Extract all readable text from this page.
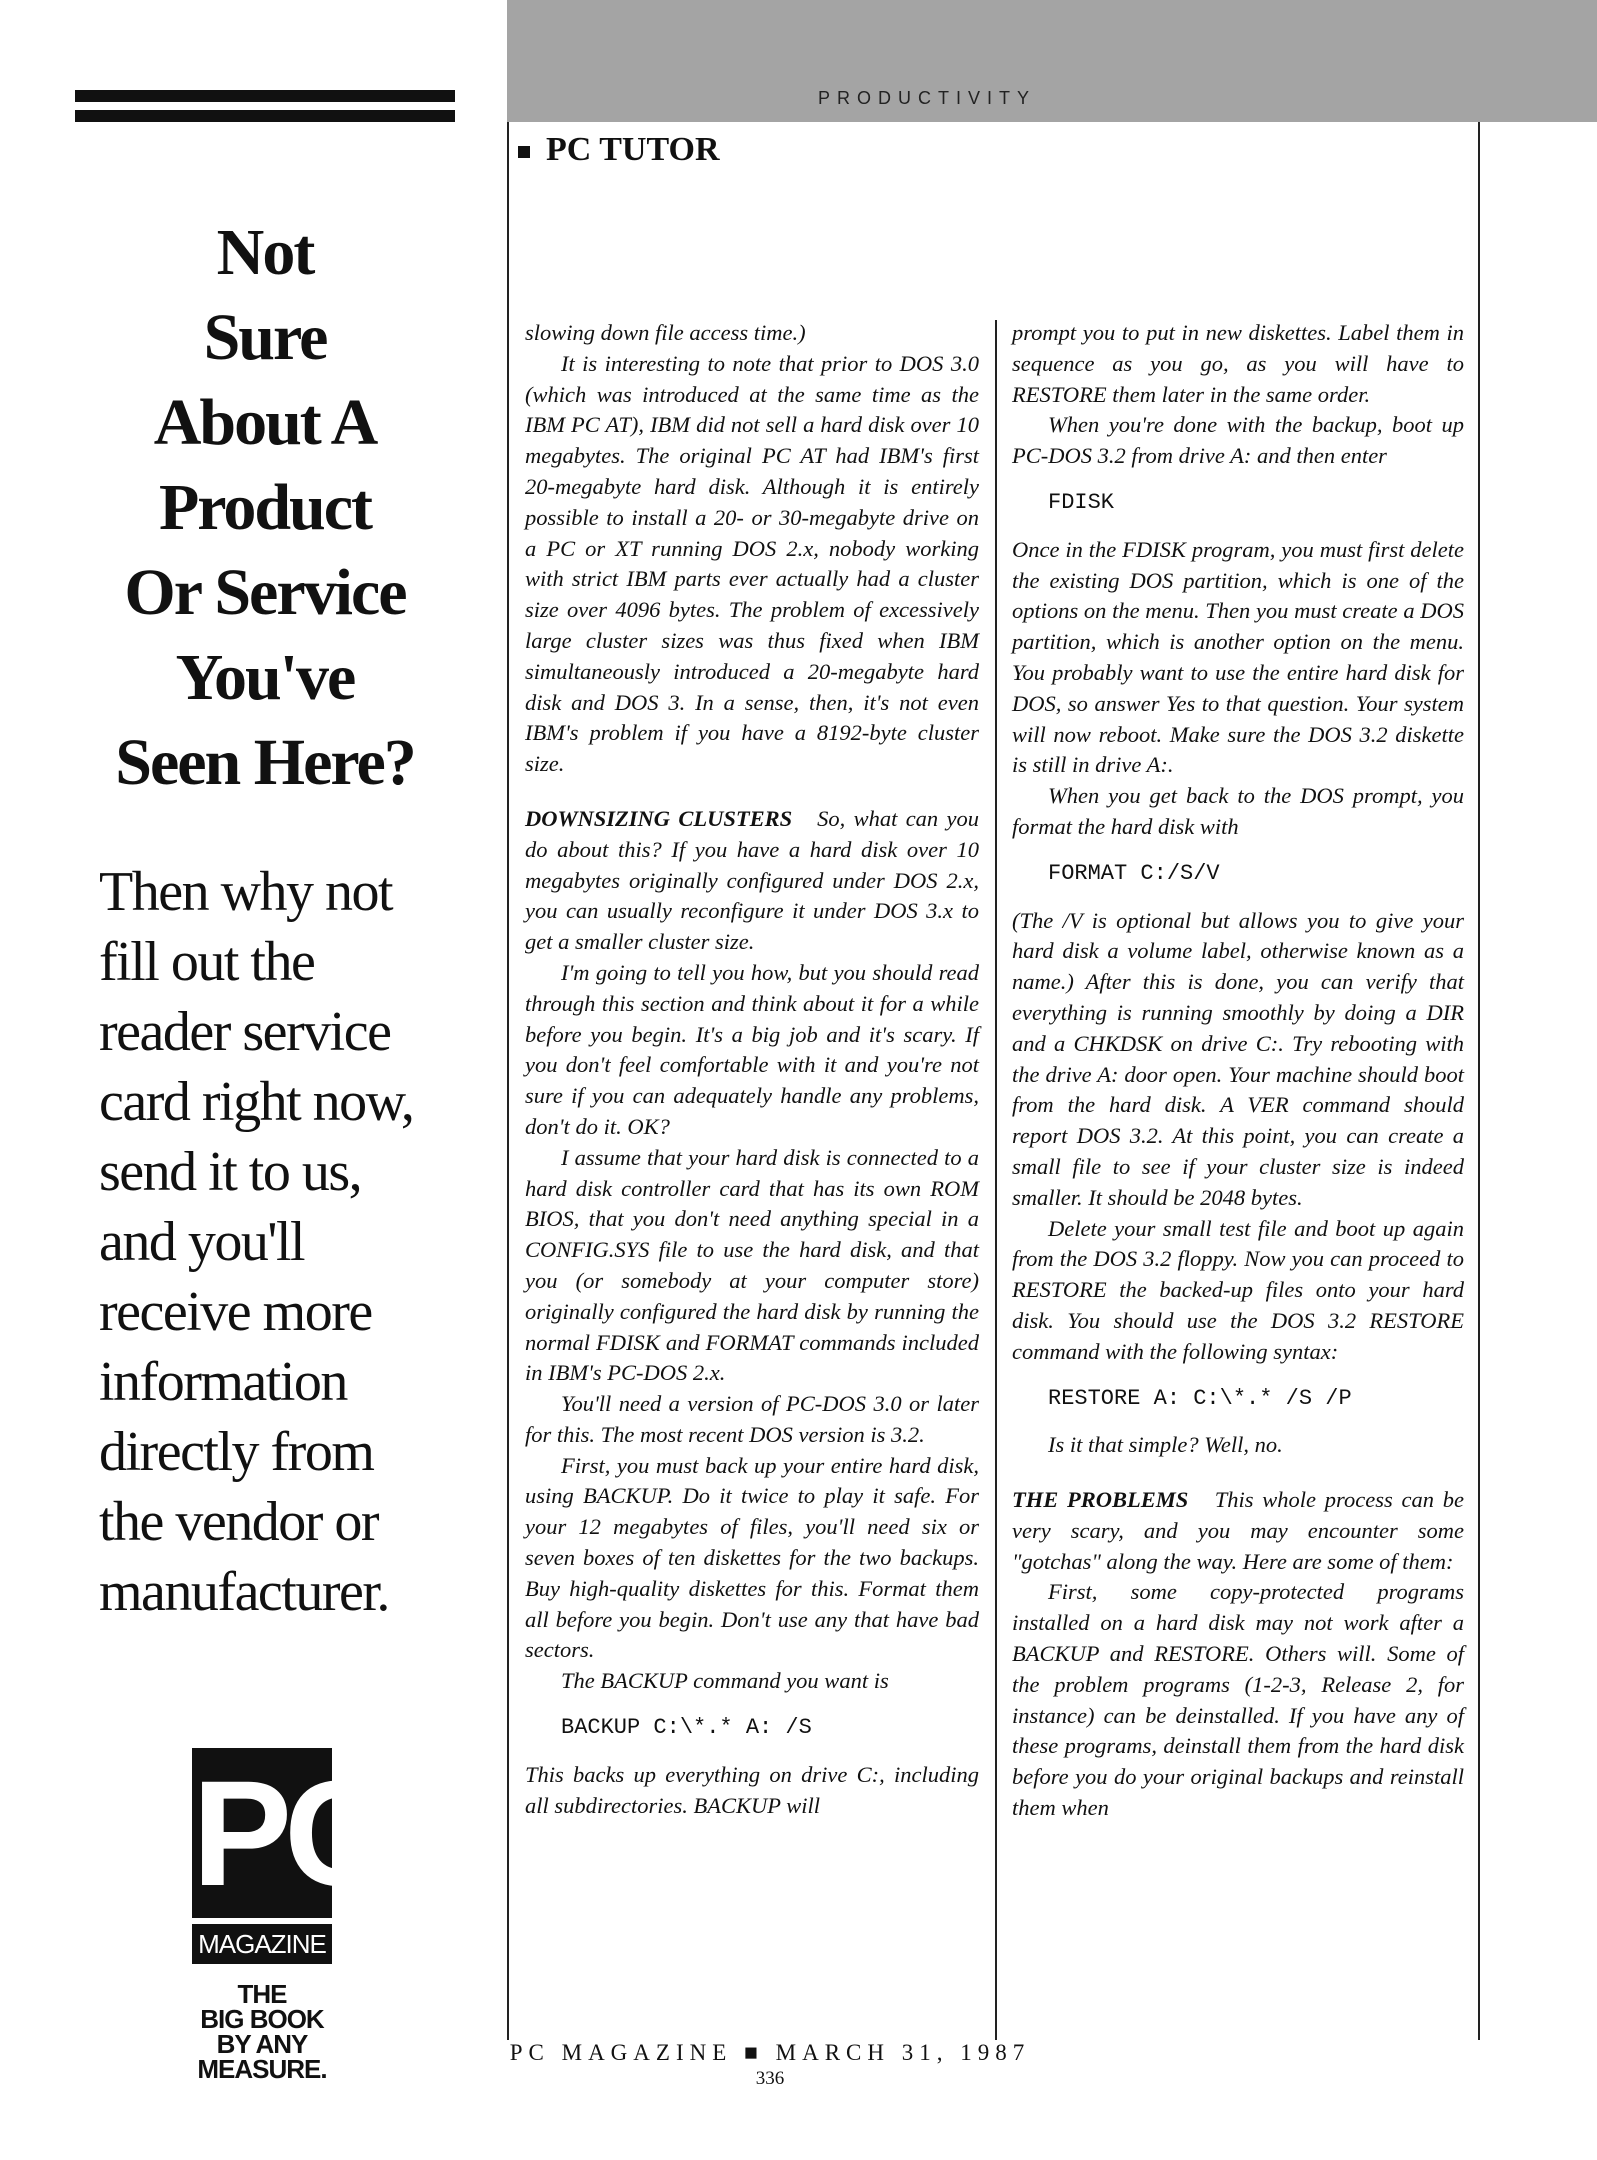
Not
Sure
About A
Product
Or Service
You've
Seen Here?
Then why not
fill out the
reader service
card right now,
send it to us,
and you'll
receive more
information
directly from
the vendor or
manufacturer.
PC
MAGAZINE
THE
BIG BOOK
BY ANY
MEASURE.
PRODUCTIVITY
PC TUTOR

slowing down file access time.)

It is interesting to note that prior to DOS 3.0 (which was introduced at the same time as the IBM PC AT), IBM did not sell a hard disk over 10 megabytes. The original PC AT had IBM's first 20-megabyte hard disk. Although it is entirely possible to install a 20- or 30-megabyte drive on a PC or XT running DOS 2.x, nobody working with strict IBM parts ever actually had a cluster size over 4096 bytes. The problem of excessively large cluster sizes was thus fixed when IBM simultaneously introduced a 20-megabyte hard disk and DOS 3. In a sense, then, it's not even IBM's problem if you have a 8192-byte cluster size.

DOWNSIZING CLUSTERS So, what can you do about this? If you have a hard disk over 10 megabytes originally configured under DOS 2.x, you can usually reconfigure it under DOS 3.x to get a smaller cluster size.

I'm going to tell you how, but you should read through this section and think about it for a while before you begin. It's a big job and it's scary. If you don't feel comfortable with it and you're not sure if you can adequately handle any problems, don't do it. OK?

I assume that your hard disk is connected to a hard disk controller card that has its own ROM BIOS, that you don't need anything special in a CONFIG.SYS file to use the hard disk, and that you (or somebody at your computer store) originally configured the hard disk by running the normal FDISK and FORMAT commands included in IBM's PC-DOS 2.x.

You'll need a version of PC-DOS 3.0 or later for this. The most recent DOS version is 3.2.

First, you must back up your entire hard disk, using BACKUP. Do it twice to play it safe. For your 12 megabytes of files, you'll need six or seven boxes of ten diskettes for the two backups. Buy high-quality diskettes for this. Format them all before you begin. Don't use any that have bad sectors.

The BACKUP command you want is

BACKUP C:\*.* A: /S

This backs up everything on drive C:, including all subdirectories. BACKUP will

prompt you to put in new diskettes. Label them in sequence as you go, as you will have to RESTORE them later in the same order.

When you're done with the backup, boot up PC-DOS 3.2 from drive A: and then enter

FDISK

Once in the FDISK program, you must first delete the existing DOS partition, which is one of the options on the menu. Then you must create a DOS partition, which is another option on the menu. You probably want to use the entire hard disk for DOS, so answer Yes to that question. Your system will now reboot. Make sure the DOS 3.2 diskette is still in drive A:.

When you get back to the DOS prompt, you format the hard disk with

FORMAT C:/S/V

(The /V is optional but allows you to give your hard disk a volume label, otherwise known as a name.) After this is done, you can verify that everything is running smoothly by doing a DIR and a CHKDSK on drive C:. Try rebooting with the drive A: door open. Your machine should boot from the hard disk. A VER command should report DOS 3.2. At this point, you can create a small file to see if your cluster size is indeed smaller. It should be 2048 bytes.

Delete your small test file and boot up again from the DOS 3.2 floppy. Now you can proceed to RESTORE the backed-up files onto your hard disk. You should use the DOS 3.2 RESTORE command with the following syntax:

RESTORE A: C:\*.* /S /P

Is it that simple? Well, no.

THE PROBLEMS This whole process can be very scary, and you may encounter some "gotchas" along the way. Here are some of them:

First, some copy-protected programs installed on a hard disk may not work after a BACKUP and RESTORE. Others will. Some of the problem programs (1-2-3, Release 2, for instance) can be deinstalled. If you have any of these programs, deinstall them from the hard disk before you do your original backups and reinstall them when

PC MAGAZINE ■ MARCH 31, 1987
336
